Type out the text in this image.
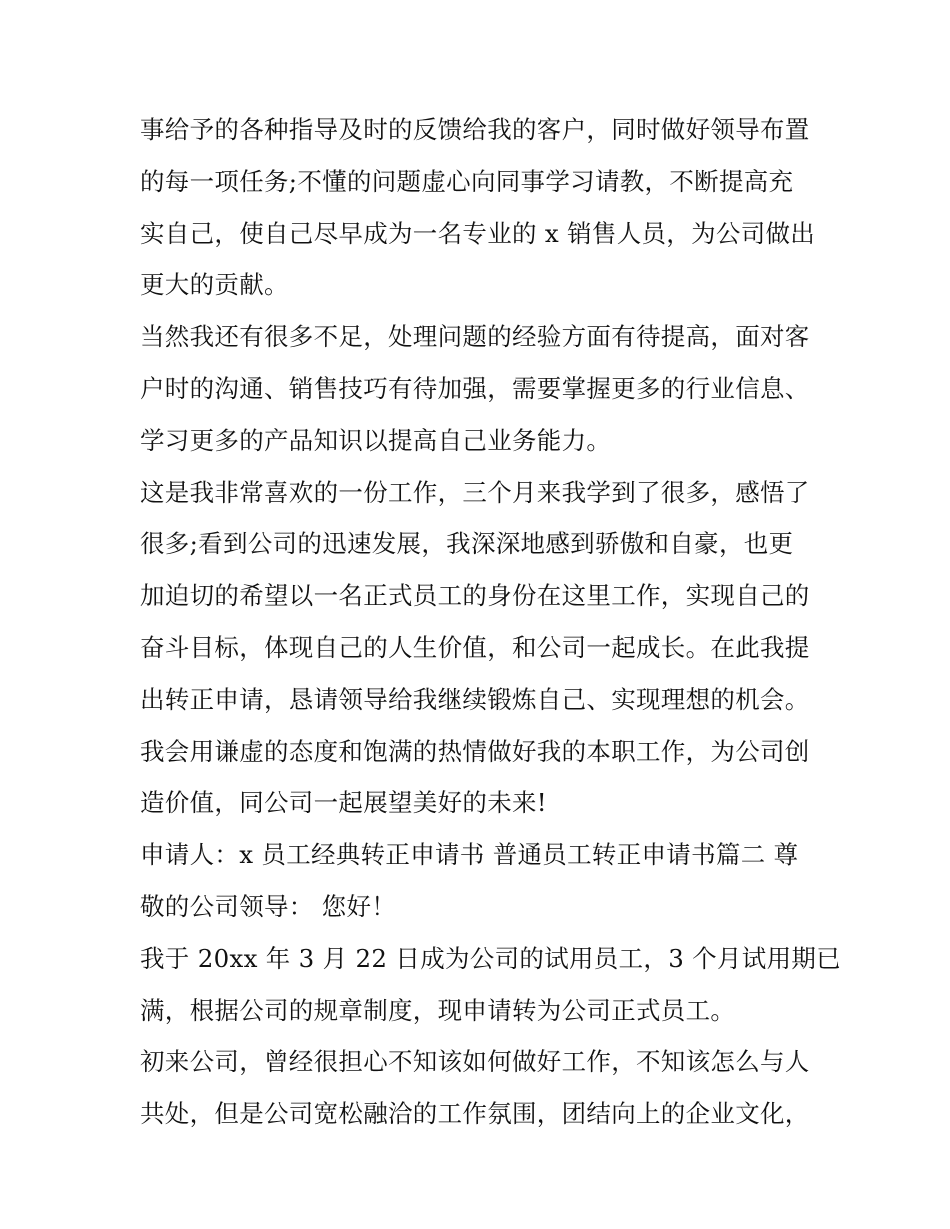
事给予的各种指导及时的反馈给我的客户，同时做好领导布置
的每一项任务;不懂的问题虚心向同事学习请教，不断提高充
实自己，使自己尽早成为一名专业的 x 销售人员，为公司做出
更大的贡献。
当然我还有很多不足，处理问题的经验方面有待提高，面对客
户时的沟通、销售技巧有待加强，需要掌握更多的行业信息、
学习更多的产品知识以提高自己业务能力。
这是我非常喜欢的一份工作，三个月来我学到了很多，感悟了
很多;看到公司的迅速发展，我深深地感到骄傲和自豪，也更
加迫切的希望以一名正式员工的身份在这里工作，实现自己的
奋斗目标，体现自己的人生价值，和公司一起成长。在此我提
出转正申请，恳请领导给我继续锻炼自己、实现理想的机会。
我会用谦虚的态度和饱满的热情做好我的本职工作，为公司创
造价值，同公司一起展望美好的未来!
申请人：x 员工经典转正申请书 普通员工转正申请书篇二 尊
敬的公司领导： 您好！
我于 20xx 年 3 月 22 日成为公司的试用员工，3 个月试用期已
满，根据公司的规章制度，现申请转为公司正式员工。
初来公司，曾经很担心不知该如何做好工作，不知该怎么与人
共处，但是公司宽松融洽的工作氛围，团结向上的企业文化，
